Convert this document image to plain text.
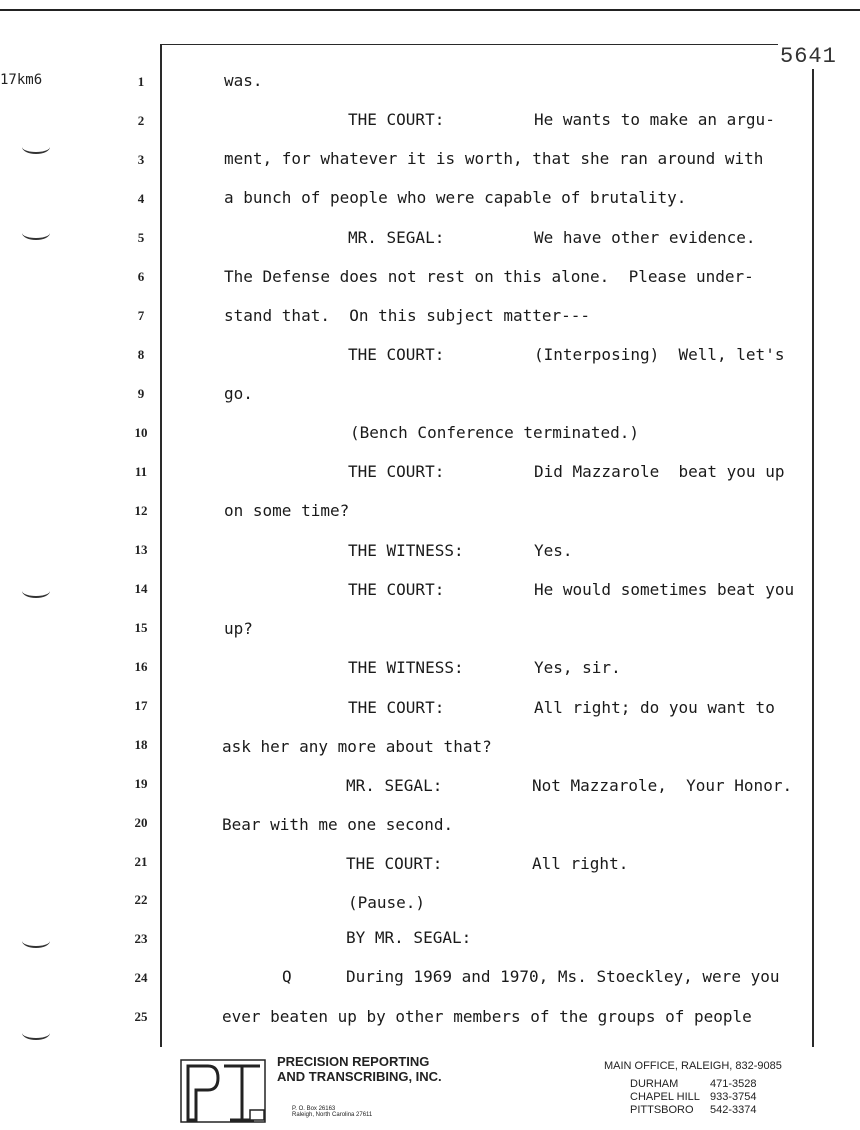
17km6
5641
1	was.
2	THE COURT:	He wants to make an argu-
3	ment, for whatever it is worth, that she ran around with
4	a bunch of people who were capable of brutality.
5	MR. SEGAL:	We have other evidence.
6	The Defense does not rest on this alone.  Please under-
7	stand that.  On this subject matter---
8	THE COURT:	(Interposing)  Well, let's
9	go.
10	(Bench Conference terminated.)
11	THE COURT:	Did Mazzarole  beat you up
12	on some time?
13	THE WITNESS:	Yes.
14	THE COURT:	He would sometimes beat you
15	up?
16	THE WITNESS:	Yes, sir.
17	THE COURT:	All right; do you want to
18	ask her any more about that?
19	MR. SEGAL:	Not Mazzarole,  Your Honor.
20	Bear with me one second.
21	THE COURT:	All right.
22	(Pause.)
23	BY MR. SEGAL:
24	Q	During 1969 and 1970, Ms. Stoeckley, were you
25	ever beaten up by other members of the groups of people
PRECISION REPORTING
AND TRANSCRIBING, INC.
P. O. Box 26163
Raleigh, North Carolina 27611
MAIN OFFICE, RALEIGH, 832-9085
DURHAM	471-3528
CHAPEL HILL 933-3754
PITTSBORO 542-3374
